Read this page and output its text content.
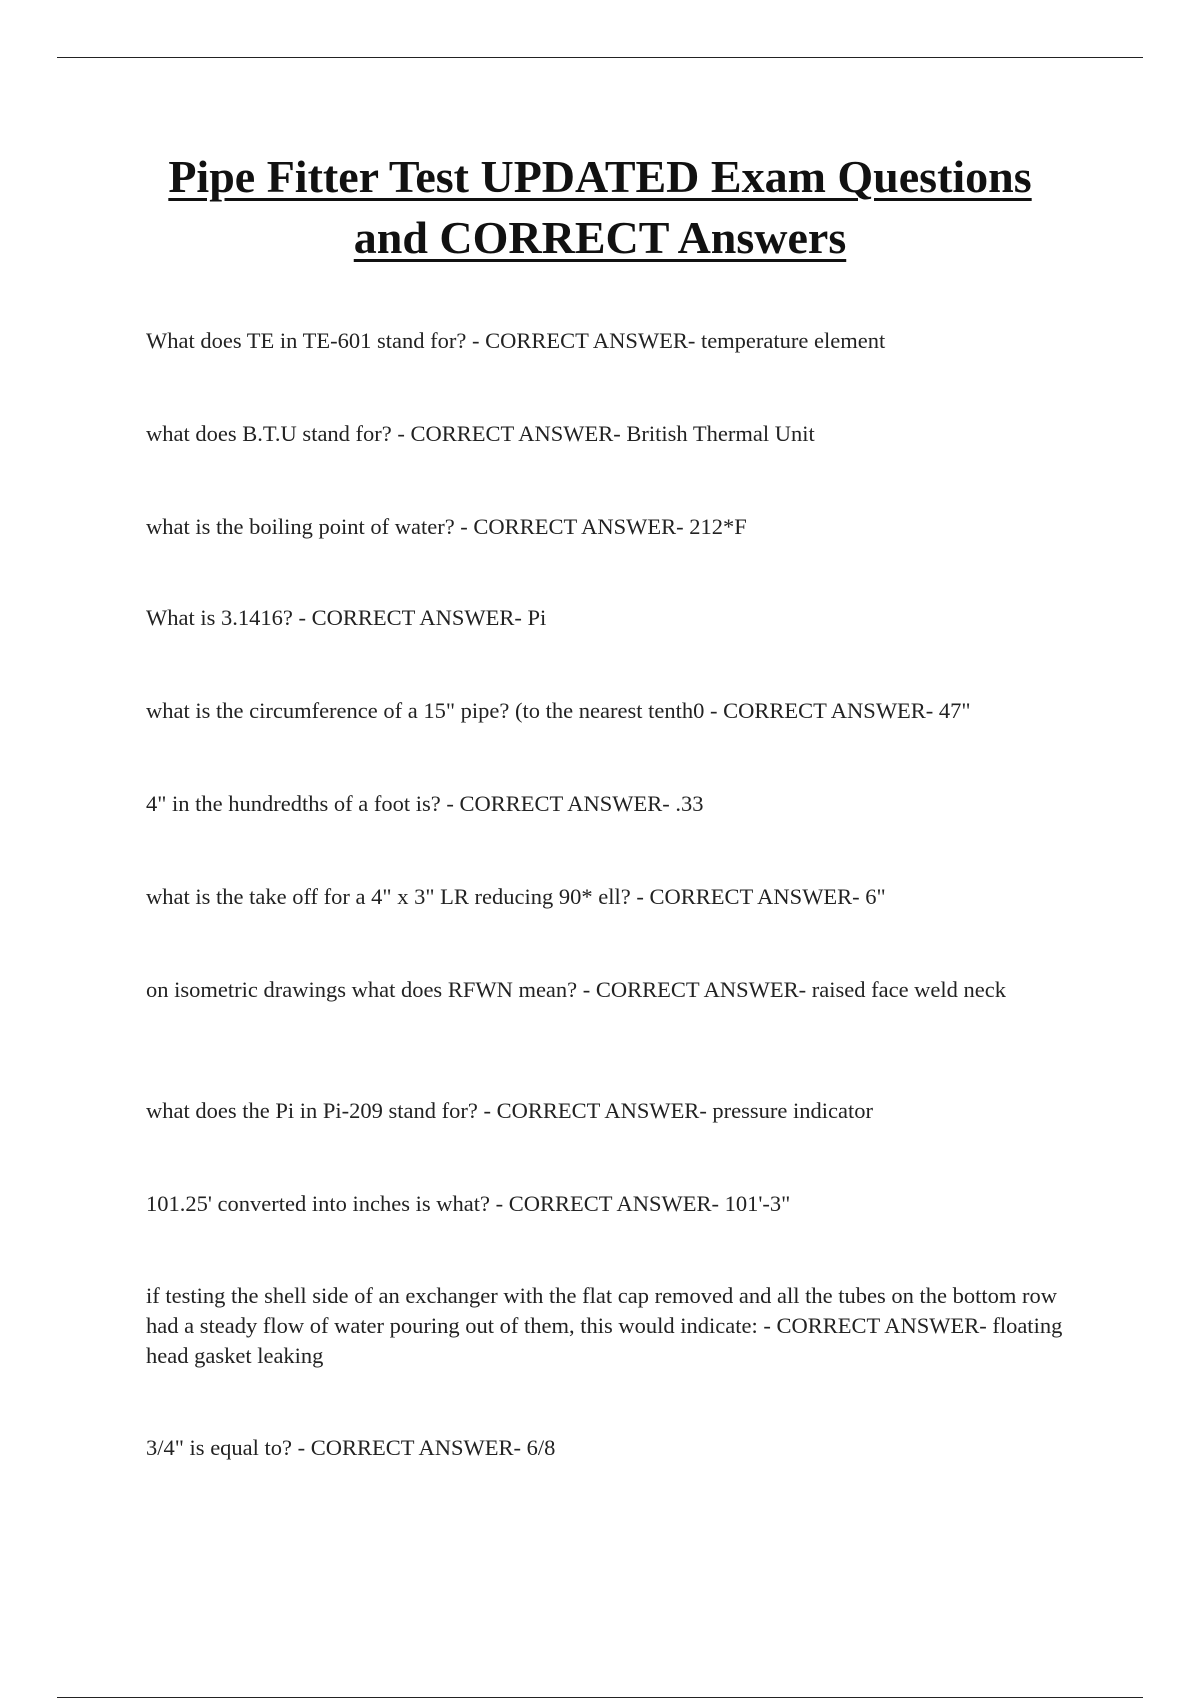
Pipe Fitter Test UPDATED Exam Questions
and CORRECT Answers

What does TE in TE-601 stand for? - CORRECT ANSWER- temperature element

what does B.T.U stand for? - CORRECT ANSWER- British Thermal Unit

what is the boiling point of water? - CORRECT ANSWER- 212*F

What is 3.1416? - CORRECT ANSWER- Pi

what is the circumference of a 15" pipe? (to the nearest tenth0 - CORRECT ANSWER- 47"

4" in the hundredths of a foot is? - CORRECT ANSWER- .33

what is the take off for a 4" x 3" LR reducing 90* ell? - CORRECT ANSWER- 6"

on isometric drawings what does RFWN mean? - CORRECT ANSWER- raised face weld neck

what does the Pi in Pi-209 stand for? - CORRECT ANSWER- pressure indicator

101.25' converted into inches is what? - CORRECT ANSWER- 101'-3"

if testing the shell side of an exchanger with the flat cap removed and all the tubes on the bottom row had a steady flow of water pouring out of them, this would indicate: - CORRECT ANSWER- floating head gasket leaking

3/4" is equal to? - CORRECT ANSWER- 6/8
